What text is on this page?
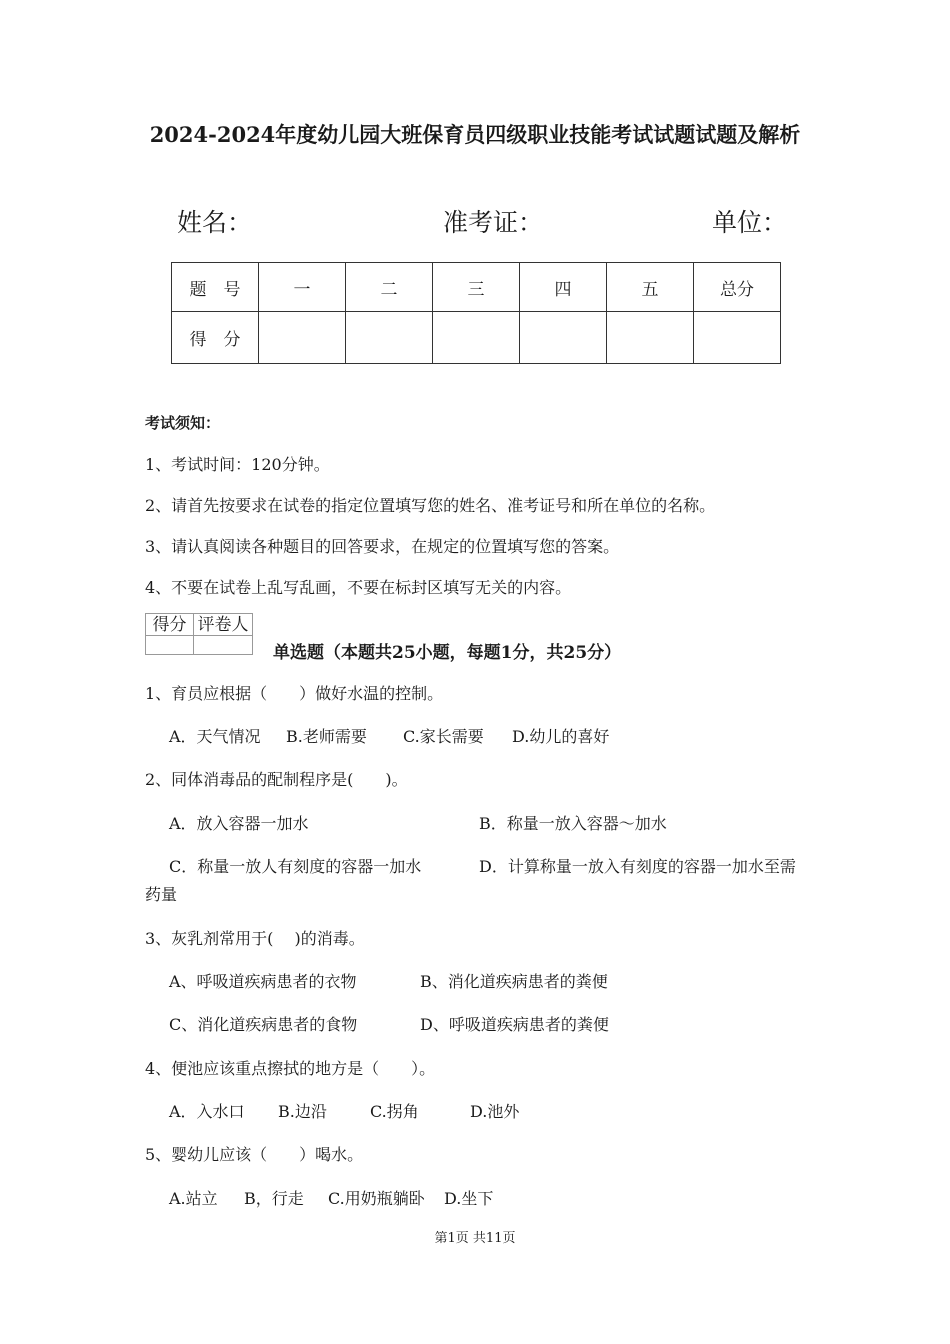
2024-2024年度幼儿园大班保育员四级职业技能考试试题试题及解析
姓名：	准考证：	单位：
题　号	一	二	三	四	五	总分
得　分						
考试须知：
1、考试时间：120分钟。
2、请首先按要求在试卷的指定位置填写您的姓名、准考证号和所在单位的名称。
3、请认真阅读各种题目的回答要求，在规定的位置填写您的答案。
4、不要在试卷上乱写乱画，不要在标封区填写无关的内容。
得分	评卷人

单选题（本题共25小题，每题1分，共25分）
1、育员应根据（　　）做好水温的控制。
A．天气情况 B.老师需要 C.家长需要 D.幼儿的喜好
2、同体消毒品的配制程序是(　　)。
A．放入容器一加水	B．称量一放入容器～加水
C．称量一放人有刻度的容器一加水	D．计算称量一放入有刻度的容器一加水至需
药量
3、灰乳剂常用于(　 )的消毒。
A、呼吸道疾病患者的衣物	B、消化道疾病患者的粪便
C、消化道疾病患者的食物	D、呼吸道疾病患者的粪便
4、便池应该重点擦拭的地方是（　　）。
A．入水口 B.边沿	C.拐角	D.池外
5、婴幼儿应该（　　）喝水。
A.站立 B，行走 C.用奶瓶躺卧 D.坐下
第1页 共11页
